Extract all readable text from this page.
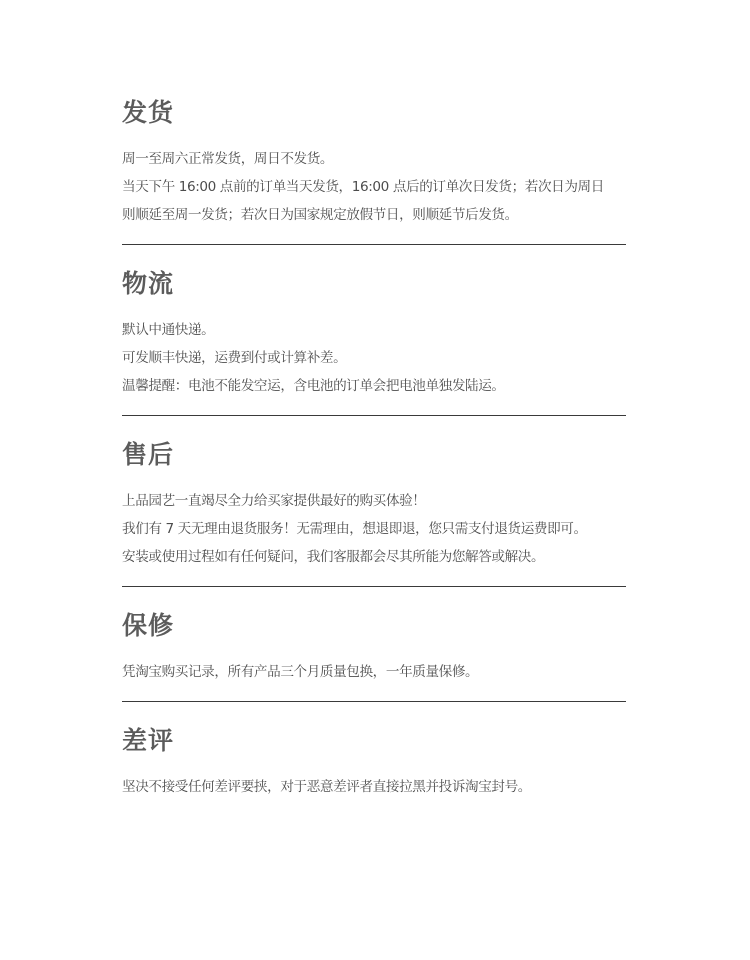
发货
周一至周六正常发货，周日不发货。
当天下午 16:00 点前的订单当天发货，16:00 点后的订单次日发货；若次日为周日
则顺延至周一发货；若次日为国家规定放假节日，则顺延节后发货。
物流
默认中通快递。
可发顺丰快递，运费到付或计算补差。
温馨提醒：电池不能发空运，含电池的订单会把电池单独发陆运。
售后
上品园艺一直竭尽全力给买家提供最好的购买体验！
我们有 7 天无理由退货服务！无需理由，想退即退，您只需支付退货运费即可。
安装或使用过程如有任何疑问，我们客服都会尽其所能为您解答或解决。
保修
凭淘宝购买记录，所有产品三个月质量包换，一年质量保修。
差评
坚决不接受任何差评要挟，对于恶意差评者直接拉黑并投诉淘宝封号。
